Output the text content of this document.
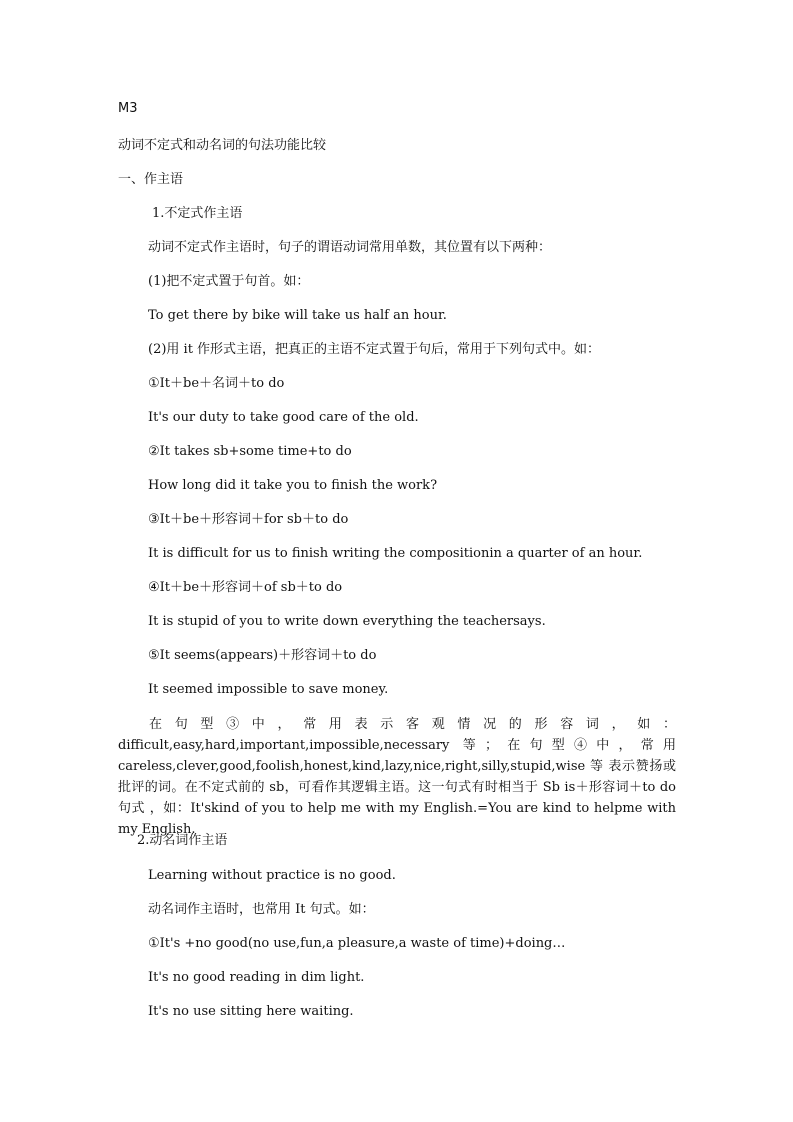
M3
动词不定式和动名词的句法功能比较
一、作主语
1.不定式作主语
动词不定式作主语时，句子的谓语动词常用单数，其位置有以下两种：
(1)把不定式置于句首。如：
To get there by bike will take us half an hour.
(2)用 it 作形式主语，把真正的主语不定式置于句后，常用于下列句式中。如：
①It＋be＋名词＋to do
It's our duty to take good care of the old.
②It takes sb+some time+to do
How long did it take you to finish the work?
③It＋be＋形容词＋for sb＋to do
It is difficult for us to finish writing the compositionin a quarter of an hour.
④It＋be＋形容词＋of sb＋to do
It is stupid of you to write down everything the teachersays.
⑤It seems(appears)＋形容词＋to do
It seemed impossible to save money.
在句型③中，常用表示客观情况的形容词，如：difficult,easy,hard,important,impossible,necessary 等；在句型④中，常用 careless,clever,good,foolish,honest,kind,lazy,nice,right,silly,stupid,wise 等 表示赞扬或批评的词。在不定式前的 sb，可看作其逻辑主语。这一句式有时相当于 Sb is＋形容词＋to do 句式 ，如：It'skind of you to help me with my English.=You are kind to helpme with my English.
2.动名词作主语
Learning without practice is no good.
动名词作主语时，也常用 It 句式。如：
①It's +no good(no use,fun,a pleasure,a waste of time)+doing…
It's no good reading in dim light.
It's no use sitting here waiting.
